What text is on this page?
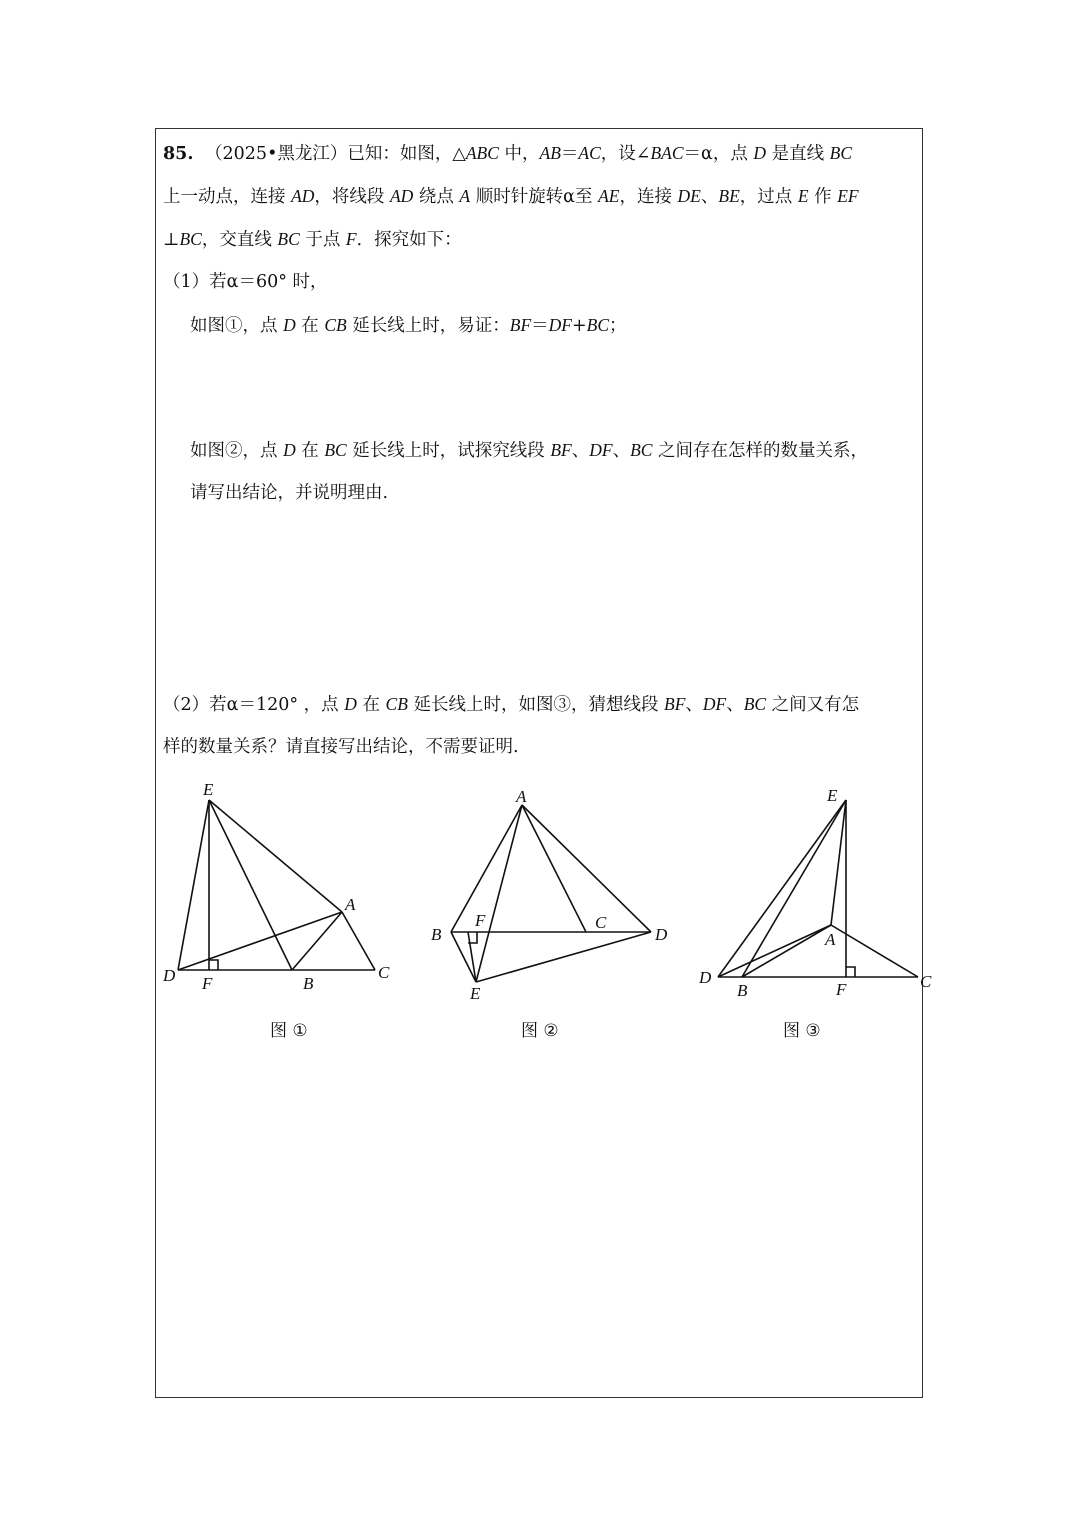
85. （2025•黑龙江）已知：如图，△ABC 中，AB＝AC，设∠BAC＝α，点 D 是直线 BC
上一动点，连接 AD，将线段 AD 绕点 A 顺时针旋转α至 AE，连接 DE、BE，过点 E 作 EF
⊥BC，交直线 BC 于点 F．探究如下：
（1）若α＝60° 时，
如图①，点 D 在 CB 延长线上时，易证：BF＝DF+BC；
如图②，点 D 在 BC 延长线上时，试探究线段 BF、DF、BC 之间存在怎样的数量关系，
请写出结论，并说明理由.
（2）若α＝120° ，点 D 在 CB 延长线上时，如图③，猜想线段 BF、DF、BC 之间又有怎
样的数量关系？请直接写出结论，不需要证明.
E
A
D F	B
C
A
B
F	C
D
E
E
A
D
B	F	C
图 ①	图 ②	图 ③
